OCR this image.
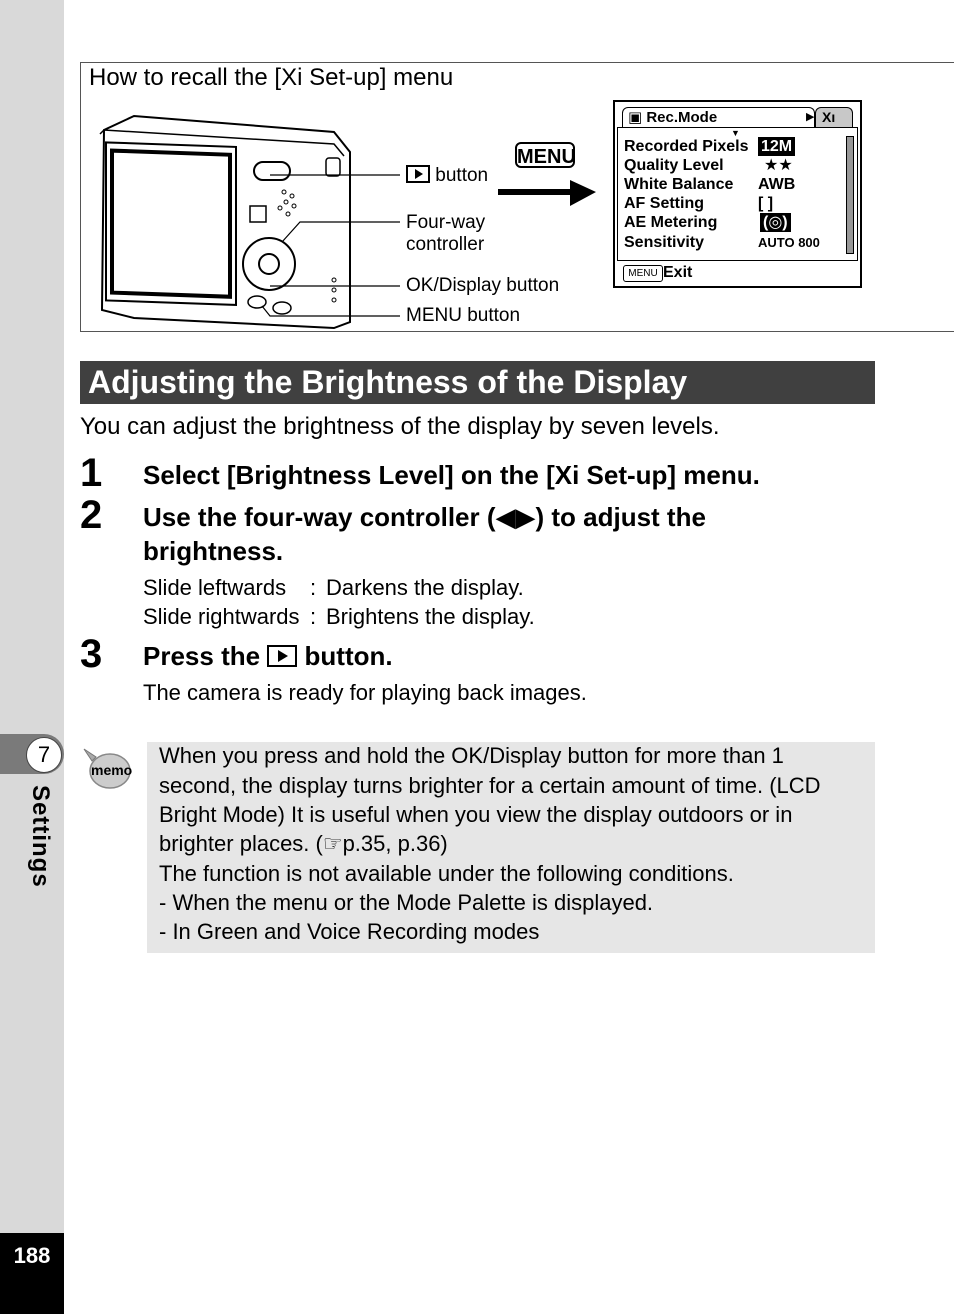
7
Settings
188
How to recall the [Xi Set-up] menu
button
Four-way
controller
OK/Display button
MENU button
MENU
▣ Rec.Mode	▶ Χı
▼
Recorded Pixels 12M
Quality Level	★★
White Balance AWB
AF Setting	[ ]
AE Metering	(◎)
Sensitivity	AUTO 800
MENU Exit
Adjusting the Brightness of the Display
You can adjust the brightness of the display by seven levels.
1 Select [Brightness Level] on the [Xi Set-up] menu.
2 Use the four-way controller (◀▶) to adjust the
brightness.
Slide leftwards : Darkens the display.
Slide rightwards : Brightens the display.
3 Press the button.
The camera is ready for playing back images.
memo
When you press and hold the OK/Display button for more than 1
second, the display turns brighter for a certain amount of time. (LCD
Bright Mode) It is useful when you view the display outdoors or in
brighter places. (☞p.35, p.36)
The function is not available under the following conditions.
- When the menu or the Mode Palette is displayed.
- In Green and Voice Recording modes
